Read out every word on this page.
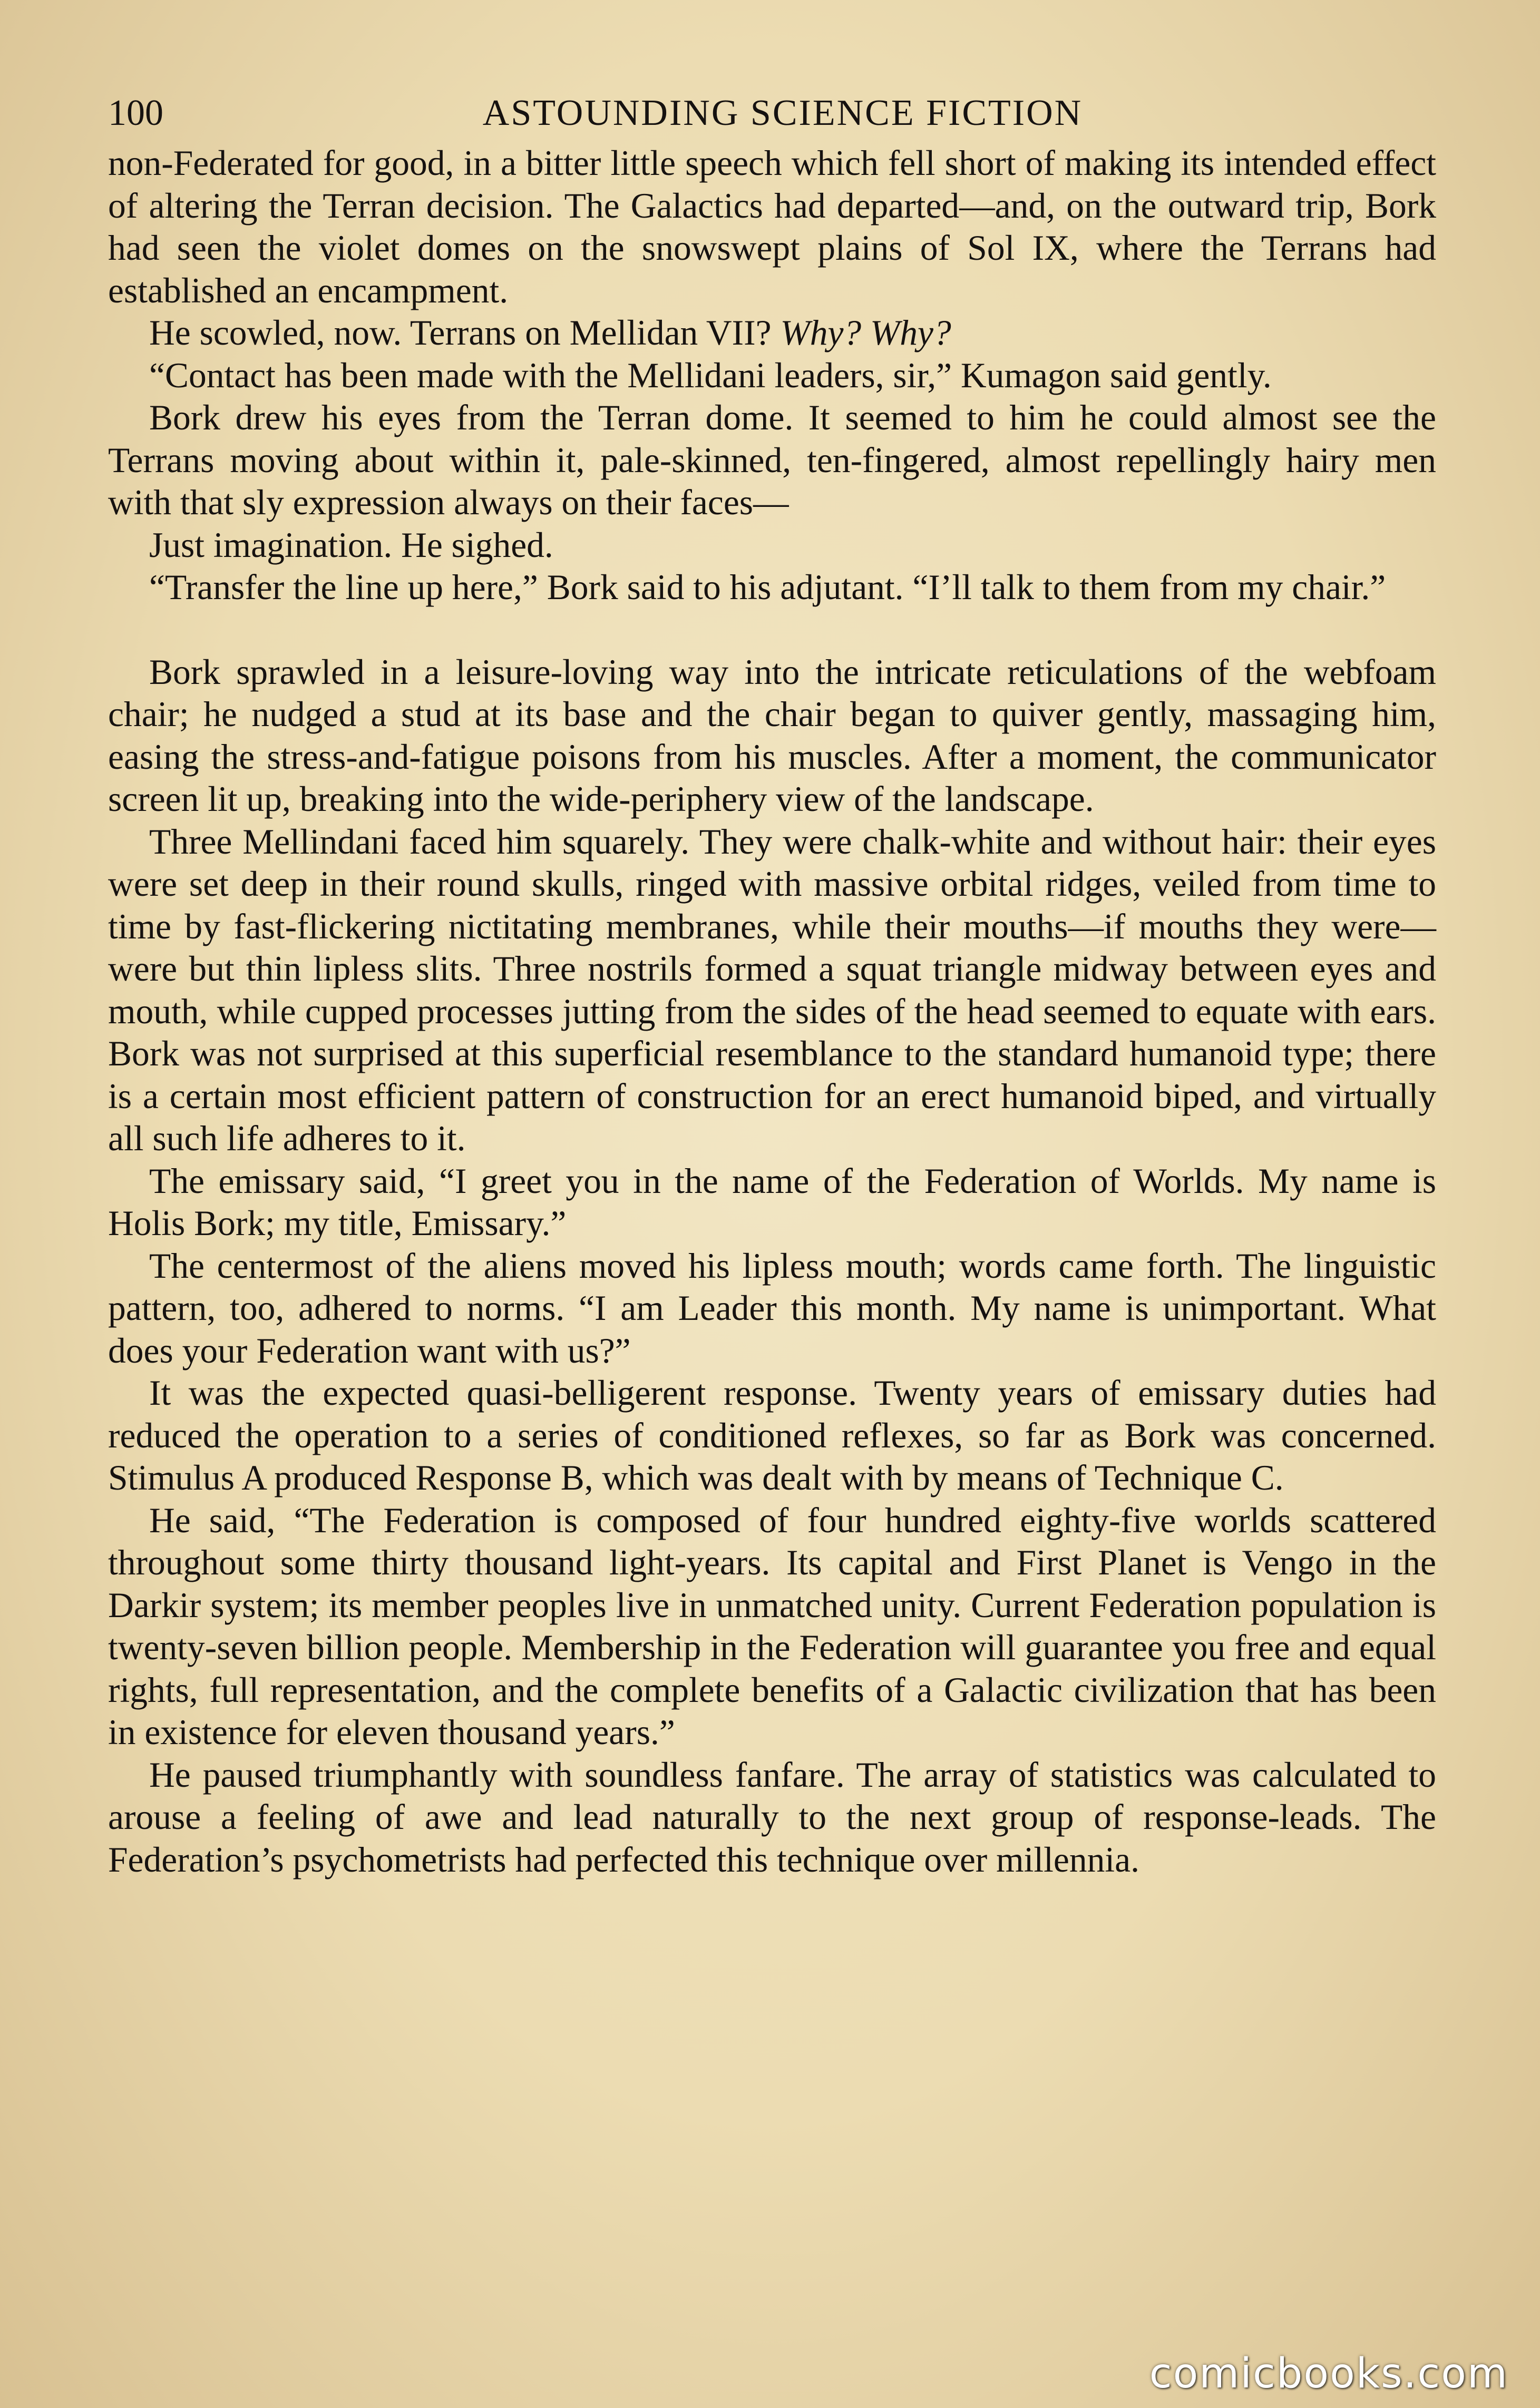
100	ASTOUNDING SCIENCE FICTION

non-Federated for good, in a bitter little speech which fell short of making its intended effect of altering the Terran decision. The Galactics had departed—and, on the outward trip, Bork had seen the violet domes on the snowswept plains of Sol IX, where the Terrans had established an encampment.

He scowled, now. Terrans on Mellidan VII? Why? Why?

“Contact has been made with the Mellidani leaders, sir,” Kumagon said gently.

Bork drew his eyes from the Terran dome. It seemed to him he could almost see the Terrans moving about within it, pale-skinned, ten-fingered, almost repellingly hairy men with that sly expression always on their faces—

Just imagination. He sighed.

“Transfer the line up here,” Bork said to his adjutant. “I’ll talk to them from my chair.”

Bork sprawled in a leisure-loving way into the intricate reticulations of the webfoam chair; he nudged a stud at its base and the chair began to quiver gently, massaging him, easing the stress-and-fatigue poisons from his muscles. After a moment, the communicator screen lit up, breaking into the wide-periphery view of the landscape.

Three Mellindani faced him squarely. They were chalk-white and without hair: their eyes were set deep in their round skulls, ringed with massive orbital ridges, veiled from time to time by fast-flickering nictitating membranes, while their mouths—if mouths they were—were but thin lipless slits. Three nostrils formed a squat triangle midway between eyes and mouth, while cupped processes jutting from the sides of the head seemed to equate with ears. Bork was not surprised at this superficial resemblance to the standard humanoid type; there is a certain most efficient pattern of construction for an erect humanoid biped, and virtually all such life adheres to it.

The emissary said, “I greet you in the name of the Federation of Worlds. My name is Holis Bork; my title, Emissary.”

The centermost of the aliens moved his lipless mouth; words came forth. The linguistic pattern, too, adhered to norms. “I am Leader this month. My name is unimportant. What does your Federation want with us?”

It was the expected quasi-belligerent response. Twenty years of emissary duties had reduced the operation to a series of conditioned reflexes, so far as Bork was concerned. Stimulus A produced Response B, which was dealt with by means of Technique C.

He said, “The Federation is composed of four hundred eighty-five worlds scattered throughout some thirty thousand light-years. Its capital and First Planet is Vengo in the Darkir system; its member peoples live in unmatched unity. Current Federation population is twenty-seven billion people. Membership in the Federation will guarantee you free and equal rights, full representation, and the complete benefits of a Galactic civilization that has been in existence for eleven thousand years.”

He paused triumphantly with soundless fanfare. The array of statistics was calculated to arouse a feeling of awe and lead naturally to the next group of response-leads. The Federation’s psychometrists had perfected this technique over millennia.

comicbooks.com
